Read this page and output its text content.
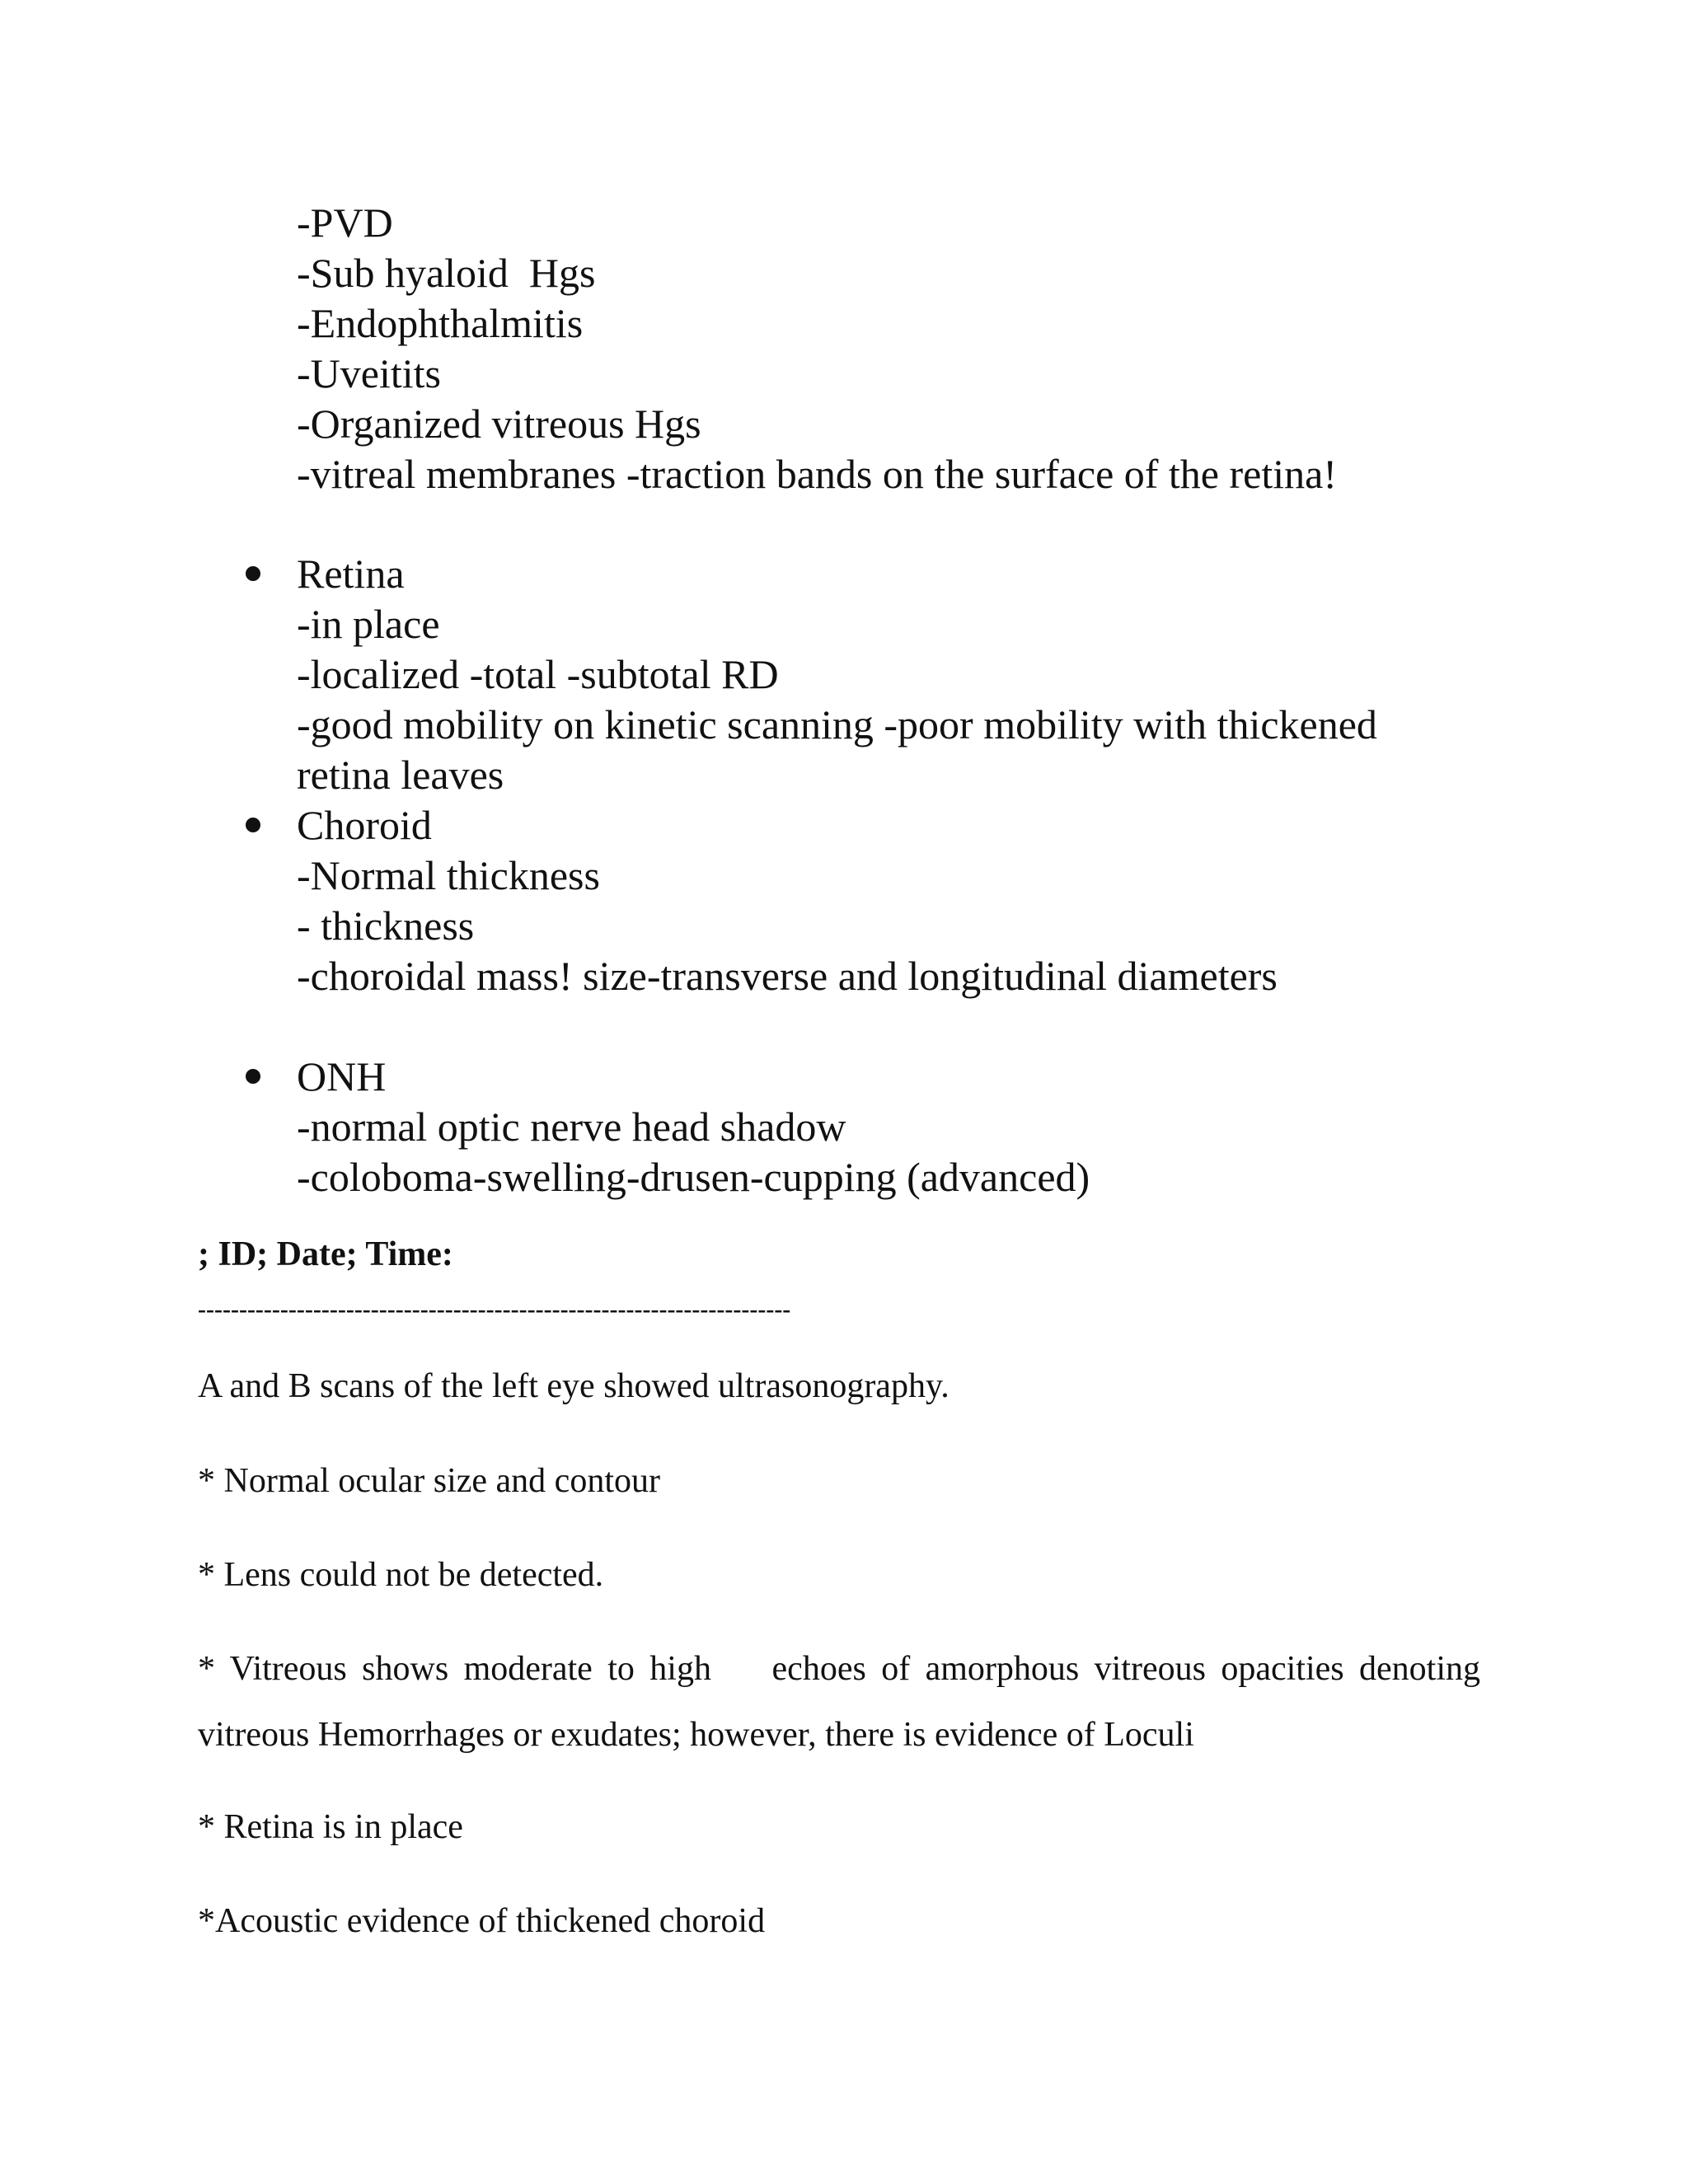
-PVD
-Sub hyaloid  Hgs
-Endophthalmitis
-Uveitits
-Organized vitreous Hgs
-vitreal membranes -traction bands on the surface of the retina!
Retina
-in place
-localized -total -subtotal RD
-good mobility on kinetic scanning -poor mobility with thickened
retina leaves
Choroid
-Normal thickness
- thickness
-choroidal mass! size-transverse and longitudinal diameters
ONH
-normal optic nerve head shadow
-coloboma-swelling-drusen-cupping (advanced)
; ID; Date; Time:
------------------------------------------------------------------------
A and B scans of the left eye showed ultrasonography.
* Normal ocular size and contour
* Lens could not be detected.
* Vitreous shows moderate to high    echoes of amorphous vitreous opacities denoting vitreous Hemorrhages or exudates; however, there is evidence of Loculi
* Retina is in place
*Acoustic evidence of thickened choroid
